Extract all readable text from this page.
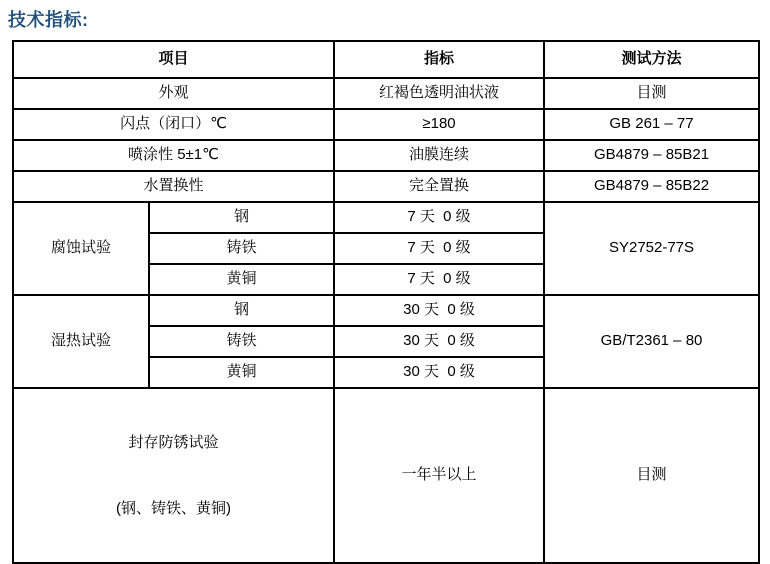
技术指标:
项目		指标	测试方法
外观		红褐色透明油状液	目测
闪点（闭口）℃		≥180	GB 261 – 77
喷涂性 5±1℃		油膜连续	GB4879 – 85B21
水置换性		完全置换	GB4879 – 85B22
腐蚀试验	钢	7 天  0 级	SY2752-77S
	铸铁	7 天  0 级	
	黄铜	7 天  0 级	
湿热试验	钢	30 天  0 级	GB/T2361 – 80
	铸铁	30 天  0 级	
	黄铜	30 天  0 级	

封存防锈试验

(钢、铸铁、黄铜)		一年半以上	目测
